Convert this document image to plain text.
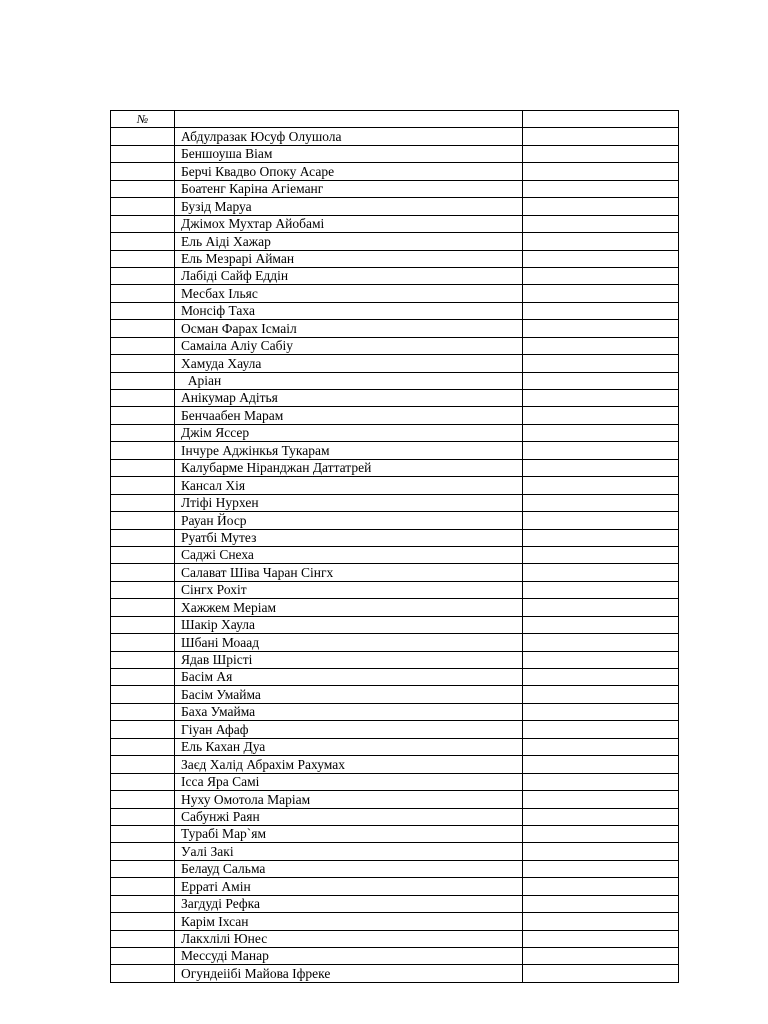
№		
	Абдулразак Юсуф Олушола	
	Беншоуша Віам	
	Берчі Квадво Опоку Асаре	
	Боатенг Каріна Агіеманг	
	Бузід Маруа	
	Джімох Мухтар Айобамі	
	Ель Аіді Хажар	
	Ель Мезрарі Айман	
	Лабіді Сайф Еддін	
	Месбах Ільяс	
	Монсіф Таха	
	Осман Фарах Ісмаіл	
	Самаіла Аліу Сабіу	
	Хамуда Хаула	
	Аріан	
	Анікумар Адітья	
	Бенчаабен Марам	
	Джім Яссер	
	Інчуре Аджінкья Тукарам	
	Калубарме Ніранджан Даттатрей	
	Кансал Хія	
	Лтіфі Нурхен	
	Рауан Йоср	
	Руатбі Мутез	
	Саджі Снеха	
	Салават Шіва Чаран Сінгх	
	Сінгх Рохіт	
	Хажжем Меріам	
	Шакір Хаула	
	Шбані Моаад	
	Ядав Шрісті	
	Басім Ая	
	Басім Умайма	
	Баха Умайма	
	Гіуан Афаф	
	Ель Кахан Дуа	
	Заєд Халід Абрахім Рахумах	
	Ісса Яра Самі	
	Нуху Омотола Маріам	
	Сабунжі Раян	
	Турабі Мар`ям	
	Уалі Закі	
	Белауд Сальма	
	Ерраті Амін	
	Загдуді Рефка	
	Карім Іхсан	
	Лакхлілі Юнес	
	Мессуді Манар	
	Огундеіібі Майова Іфреке	
